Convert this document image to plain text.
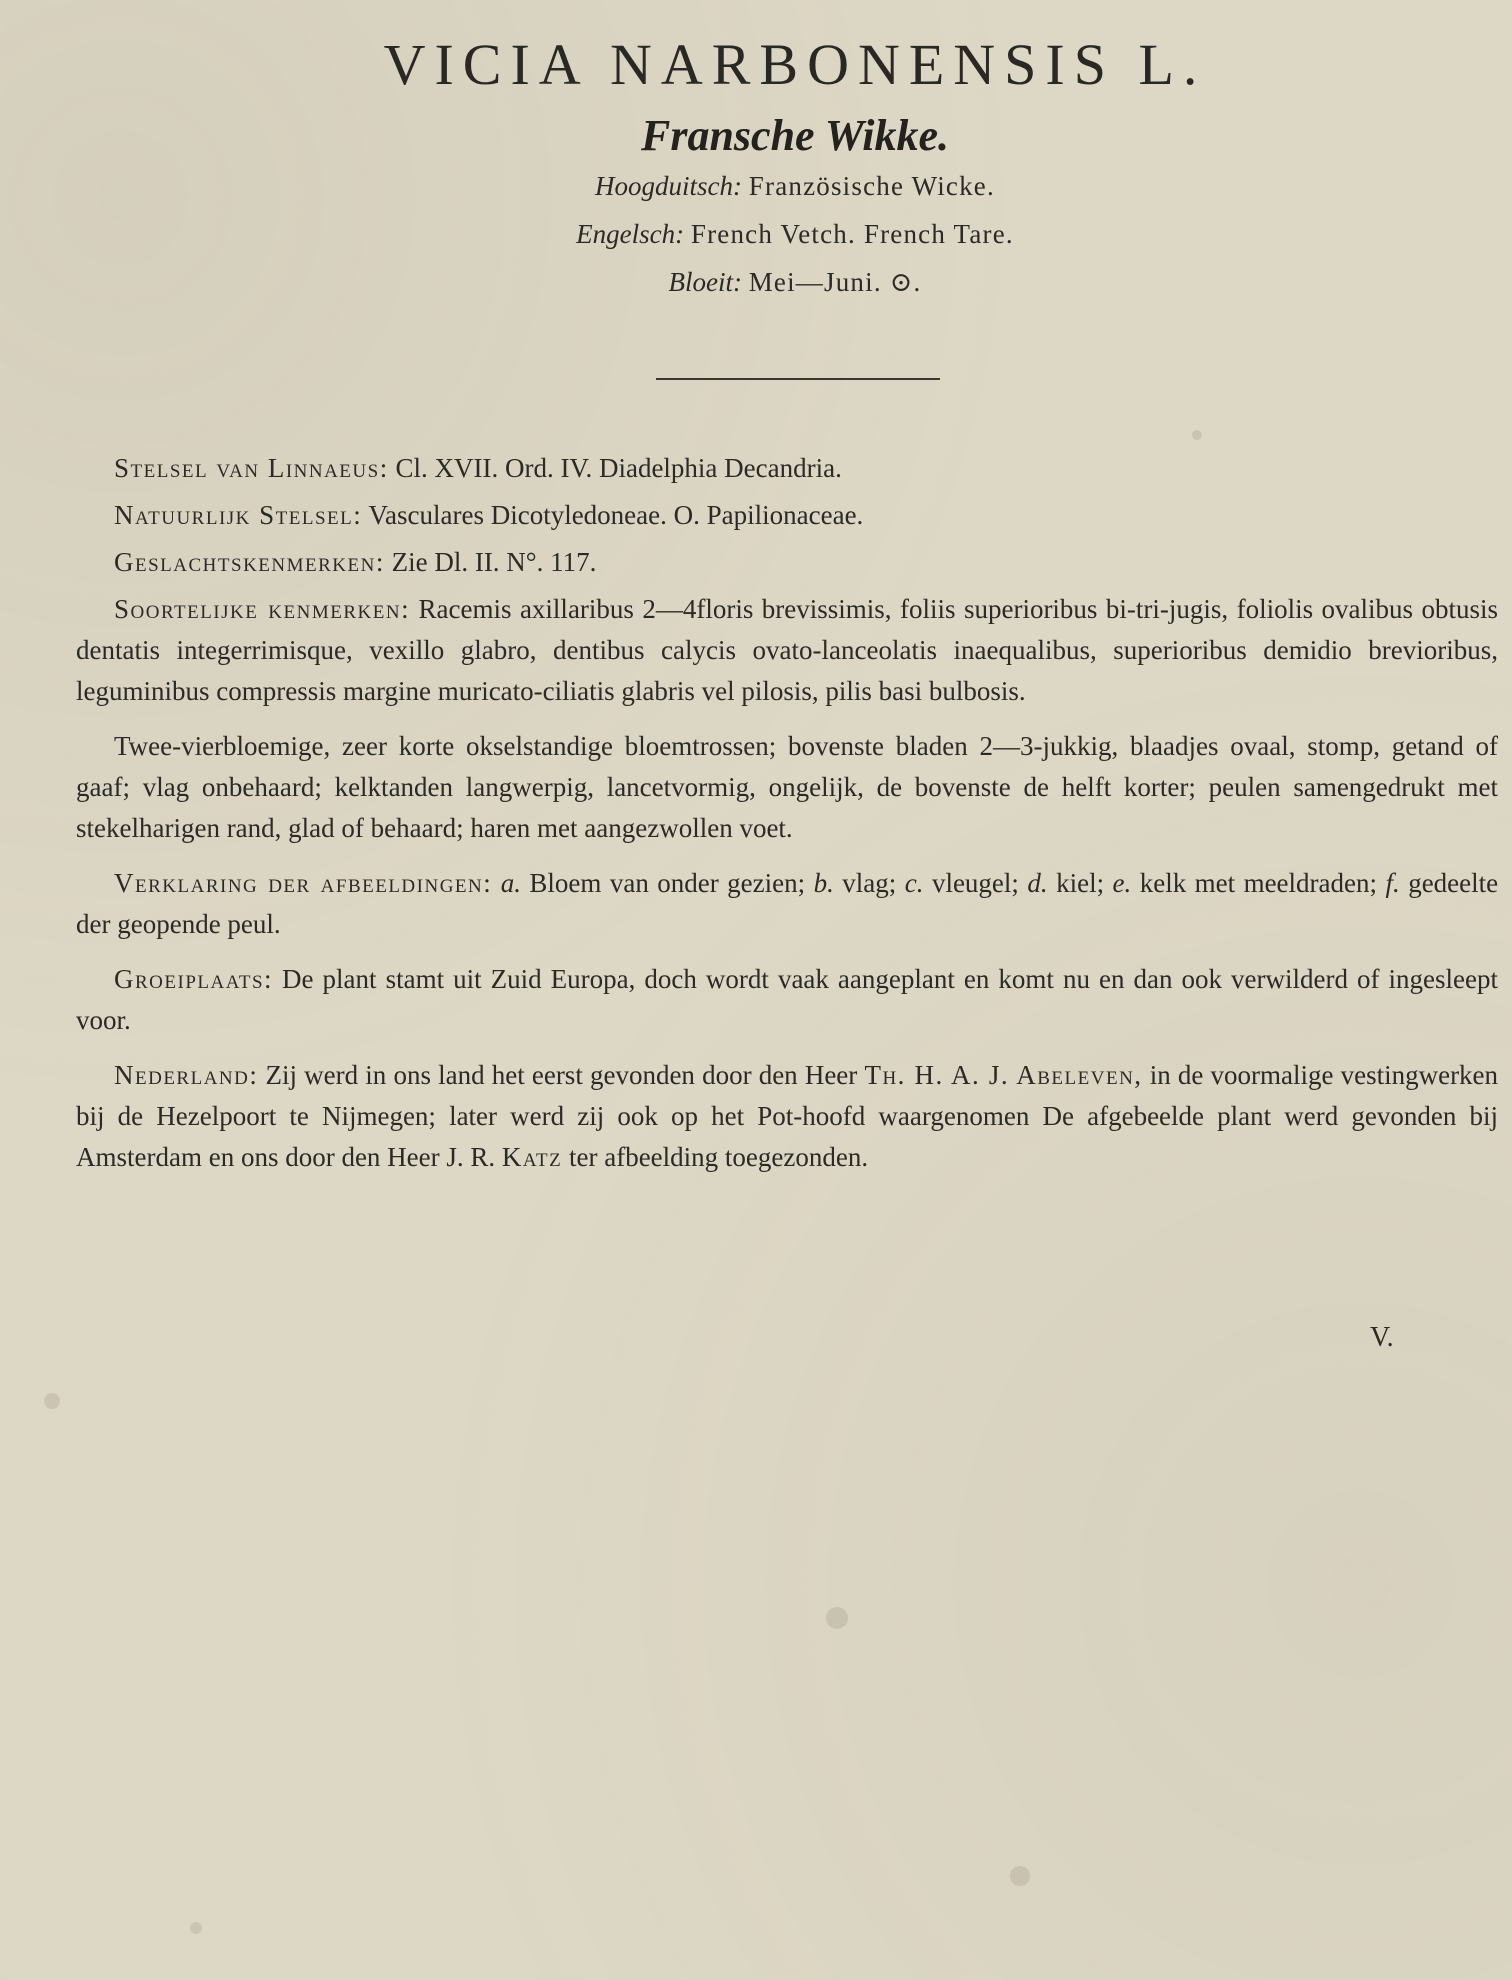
VICIA NARBONENSIS L.

Fransche Wikke.

Hoogduitsch: Französische Wicke.

Engelsch: French Vetch. French Tare.

Bloeit: Mei—Juni. ⊙.

Stelsel van Linnaeus: Cl. XVII. Ord. IV. Diadelphia Decandria.

Natuurlijk Stelsel: Vasculares Dicotyledoneae. O. Papilionaceae.

Geslachtskenmerken: Zie Dl. II. N°. 117.

Soortelijke kenmerken: Racemis axillaribus 2—4floris brevissimis, foliis superioribus bi-tri-jugis, foliolis ovalibus obtusis dentatis integerrimisque, vexillo glabro, dentibus calycis ovato-lanceolatis inaequalibus, superioribus demidio brevioribus, leguminibus compressis margine muricato-ciliatis glabris vel pilosis, pilis basi bulbosis.

Twee-vierbloemige, zeer korte okselstandige bloemtrossen; bovenste bladen 2—3-jukkig, blaadjes ovaal, stomp, getand of gaaf; vlag onbehaard; kelktanden langwerpig, lancetvormig, ongelijk, de bovenste de helft korter; peulen samengedrukt met stekelharigen rand, glad of behaard; haren met aangezwollen voet.

Verklaring der afbeeldingen: a. Bloem van onder gezien; b. vlag; c. vleugel; d. kiel; e. kelk met meeldraden; f. gedeelte der geopende peul.

Groeiplaats: De plant stamt uit Zuid Europa, doch wordt vaak aangeplant en komt nu en dan ook verwilderd of ingesleept voor.

Nederland: Zij werd in ons land het eerst gevonden door den Heer Th. H. A. J. Abeleven, in de voormalige vestingwerken bij de Hezelpoort te Nijmegen; later werd zij ook op het Pot-hoofd waargenomen De afgebeelde plant werd gevonden bij Amsterdam en ons door den Heer J. R. Katz ter afbeelding toegezonden.

V.
